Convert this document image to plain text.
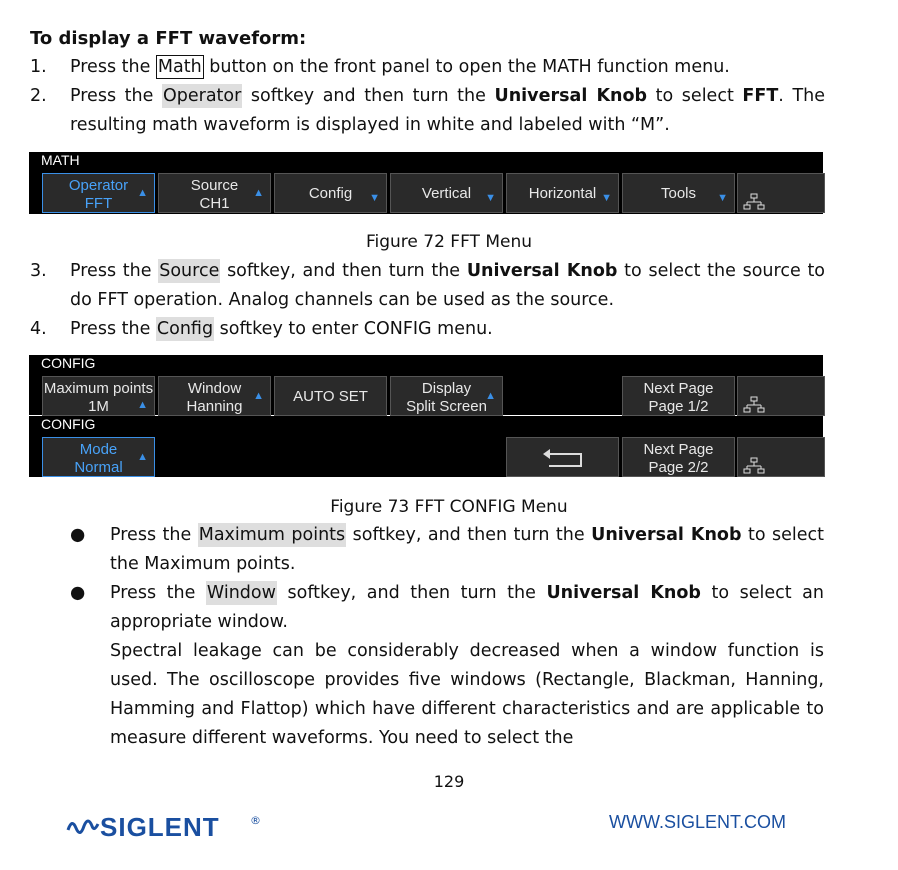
To display a FFT waveform:
1.	Press the Math button on the front panel to open the MATH function menu.
2.	Press the Operator softkey and then turn the Universal Knob to select FFT. The resulting math waveform is displayed in white and labeled with “M”.
MATH
Operator
FFT
▲	Source
CH1
▲	Config	▼	Vertical	▼	Horizontal ▼	Tools	▼
Figure 72 FFT Menu
3.	Press the Source softkey, and then turn the Universal Knob to select the source to do FFT operation. Analog channels can be used as the source.
4.	Press the Config softkey to enter CONFIG menu.
CONFIG
Maximum points
1M	▲
Window
Hanning
▲	AUTO SET	Display
Split Screen
▲	Next Page
Page 1/2
CONFIG
Mode
Normal
▲	Next Page
Page 2/2
Figure 73 FFT CONFIG Menu
● Press the Maximum points softkey, and then turn the Universal Knob to select the Maximum points.
● Press the Window softkey, and then turn the Universal Knob to select an appropriate window.
Spectral leakage can be considerably decreased when a window function is used. The oscilloscope provides five windows (Rectangle, Blackman, Hanning, Hamming and Flattop) which have different characteristics and are applicable to measure different waveforms. You need to select the
129
SIGLENT	®	WWW.SIGLENT.COM
